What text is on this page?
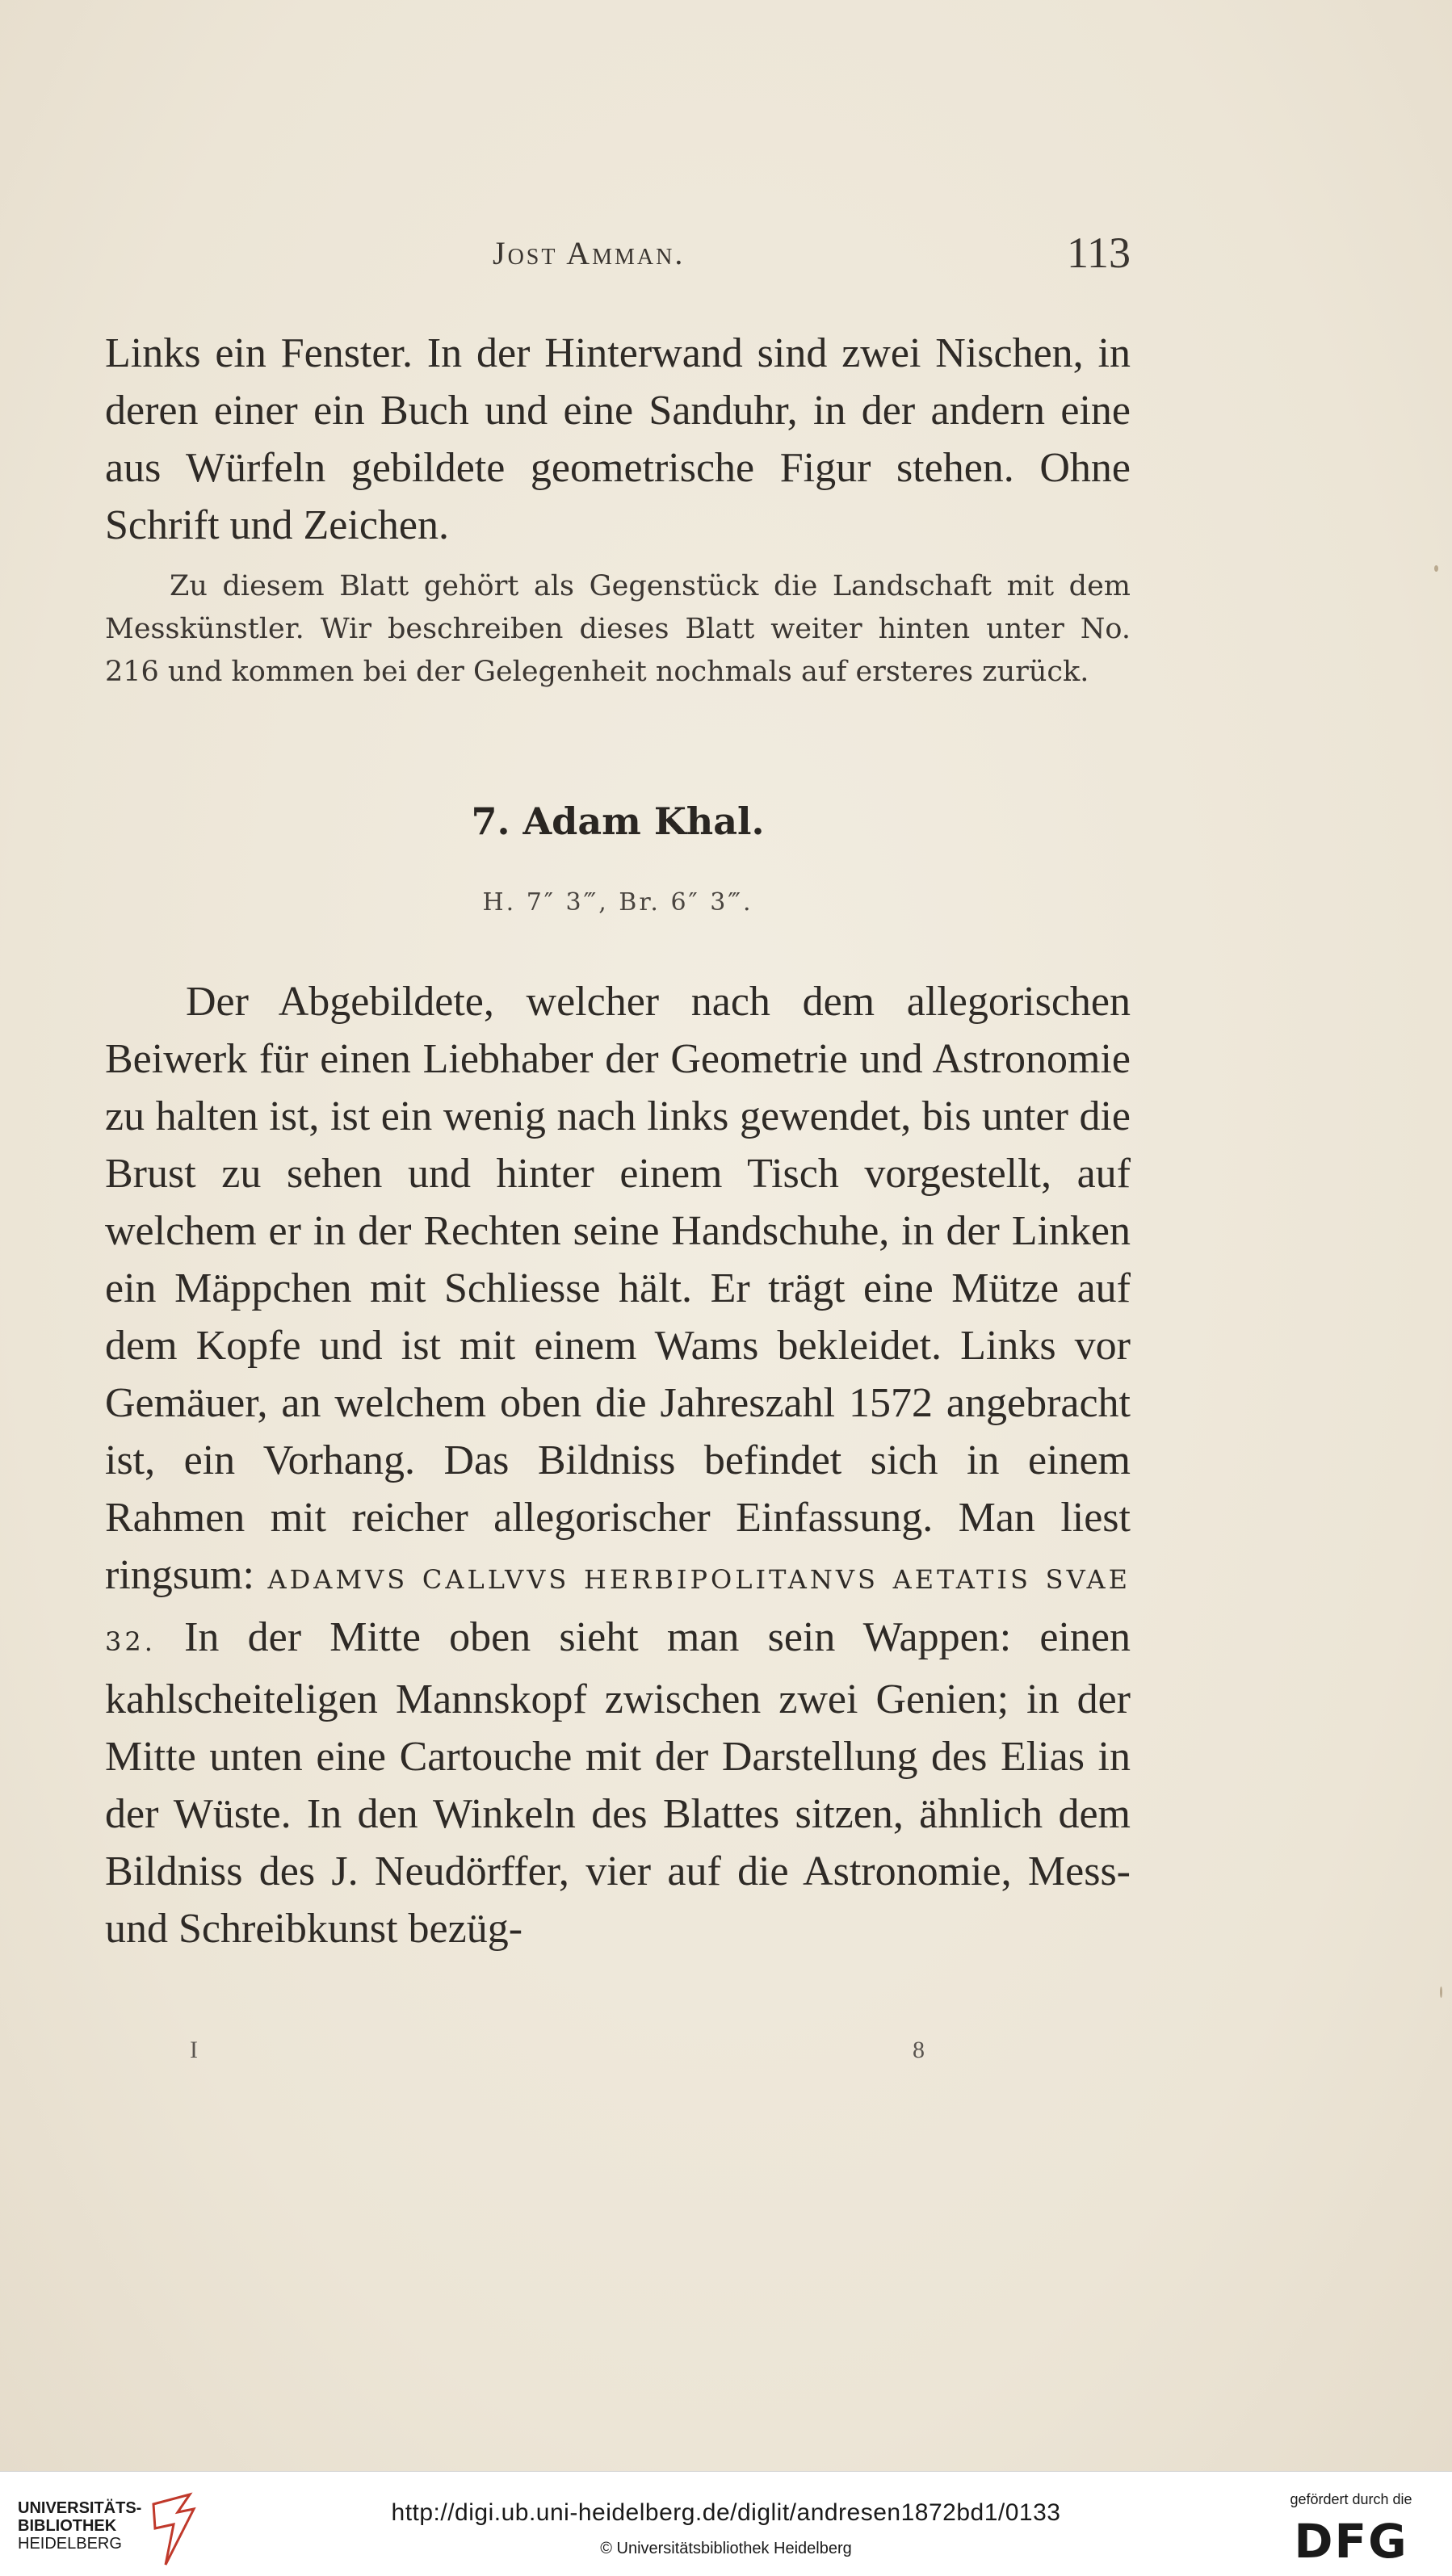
Jost Amman.	113

Links ein Fenster. In der Hinterwand sind zwei Nischen, in deren einer ein Buch und eine Sanduhr, in der andern eine aus Würfeln gebildete geometrische Figur stehen. Ohne Schrift und Zeichen.

Zu diesem Blatt gehört als Gegenstück die Landschaft mit dem Messkünstler. Wir beschreiben dieses Blatt weiter hinten unter No. 216 und kommen bei der Gelegenheit nochmals auf ersteres zurück.

7. Adam Khal.
H. 7″ 3‴, Br. 6″ 3‴.

Der Abgebildete, welcher nach dem allegorischen Beiwerk für einen Liebhaber der Geometrie und Astronomie zu halten ist, ist ein wenig nach links gewendet, bis unter die Brust zu sehen und hinter einem Tisch vorgestellt, auf welchem er in der Rechten seine Handschuhe, in der Linken ein Mäppchen mit Schliesse hält. Er trägt eine Mütze auf dem Kopfe und ist mit einem Wams bekleidet. Links vor Gemäuer, an welchem oben die Jahreszahl 1572 angebracht ist, ein Vorhang. Das Bildniss befindet sich in einem Rahmen mit reicher allegorischer Einfassung. Man liest ringsum: ADAMVS CALLVVS HERBIPOLITANVS AETATIS SVAE 32. In der Mitte oben sieht man sein Wappen: einen kahlscheiteligen Mannskopf zwischen zwei Genien; in der Mitte unten eine Cartouche mit der Darstellung des Elias in der Wüste. In den Winkeln des Blattes sitzen, ähnlich dem Bildniss des J. Neudörffer, vier auf die Astronomie, Mess- und Schreibkunst bezüg-

I	8
UNIVERSITÄTS-
BIBLIOTHEK
HEIDELBERG
http://digi.ub.uni-heidelberg.de/diglit/andresen1872bd1/0133
© Universitätsbibliothek Heidelberg
gefördert durch die
DFG
